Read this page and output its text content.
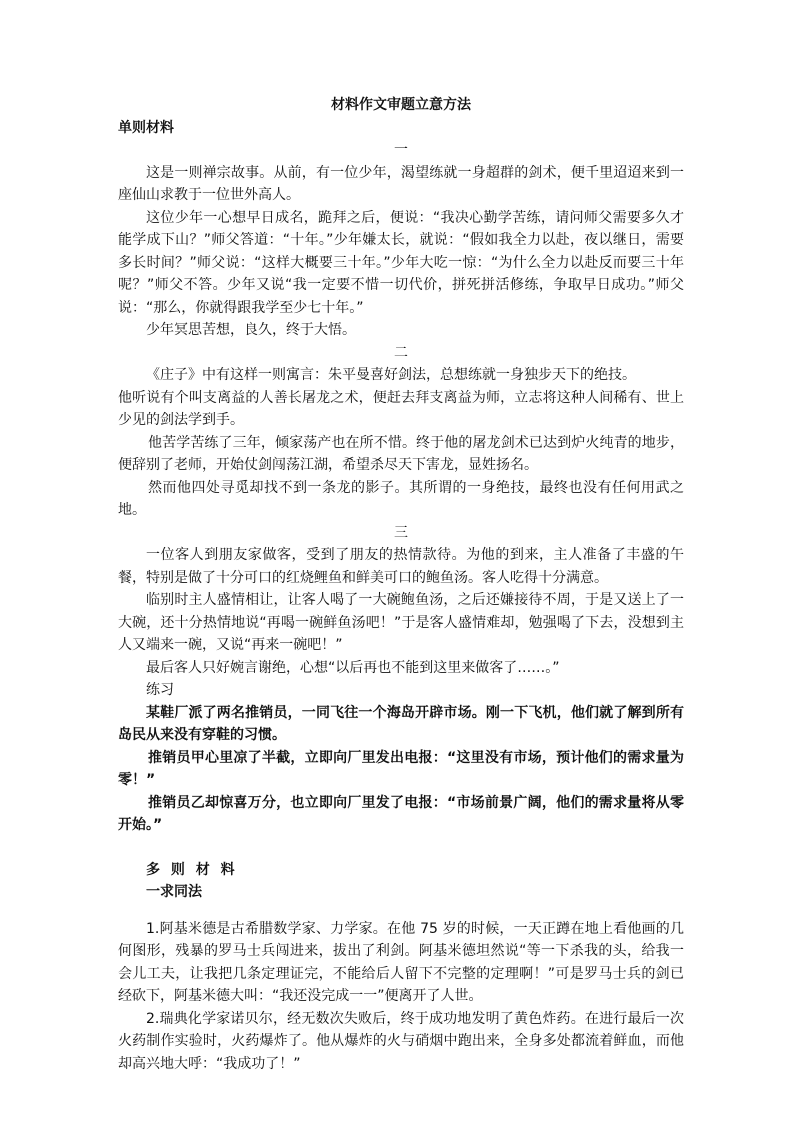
材料作文审题立意方法

单则材料

一

这是一则禅宗故事。从前，有一位少年，渴望练就一身超群的剑术，便千里迢迢来到一座仙山求教于一位世外高人。

这位少年一心想早日成名，跪拜之后，便说：“我决心勤学苦练，请问师父需要多久才能学成下山？”师父答道：“十年。”少年嫌太长，就说：“假如我全力以赴，夜以继日，需要多长时间？”师父说：“这样大概要三十年。”少年大吃一惊：“为什么全力以赴反而要三十年呢？”师父不答。少年又说“我一定要不惜一切代价，拼死拼活修练，争取早日成功。”师父说：“那么，你就得跟我学至少七十年。”

少年冥思苦想，良久，终于大悟。

二

《庄子》中有这样一则寓言：朱平曼喜好剑法，总想练就一身独步天下的绝技。

他听说有个叫支离益的人善长屠龙之术，便赶去拜支离益为师，立志将这种人间稀有、世上少见的剑法学到手。

他苦学苦练了三年，倾家荡产也在所不惜。终于他的屠龙剑术已达到炉火纯青的地步，便辞别了老师，开始仗剑闯荡江湖，希望杀尽天下害龙，显姓扬名。

然而他四处寻觅却找不到一条龙的影子。其所谓的一身绝技，最终也没有任何用武之地。

三

一位客人到朋友家做客，受到了朋友的热情款待。为他的到来，主人准备了丰盛的午餐，特别是做了十分可口的红烧鲤鱼和鲜美可口的鲍鱼汤。客人吃得十分满意。

临别时主人盛情相让，让客人喝了一大碗鲍鱼汤，之后还嫌接待不周，于是又送上了一大碗，还十分热情地说“再喝一碗鲜鱼汤吧！”于是客人盛情难却，勉强喝了下去，没想到主人又端来一碗，又说“再来一碗吧！”

最后客人只好婉言谢绝，心想“以后再也不能到这里来做客了……。”

练习

某鞋厂派了两名推销员，一同飞往一个海岛开辟市场。刚一下飞机，他们就了解到所有岛民从来没有穿鞋的习惯。

推销员甲心里凉了半截，立即向厂里发出电报：“这里没有市场，预计他们的需求量为零！”

推销员乙却惊喜万分，也立即向厂里发了电报：“市场前景广阔，他们的需求量将从零开始。”

多 则 材 料

一求同法

1.阿基米德是古希腊数学家、力学家。在他 75 岁的时候，一天正蹲在地上看他画的几何图形，残暴的罗马士兵闯进来，拔出了利剑。阿基米德坦然说“等一下杀我的头，给我一会儿工夫，让我把几条定理证完，不能给后人留下不完整的定理啊！”可是罗马士兵的剑已经砍下，阿基米德大叫：“我还没完成一一”便离开了人世。

2.瑞典化学家诺贝尔，经无数次失败后，终于成功地发明了黄色炸药。在进行最后一次火药制作实验时，火药爆炸了。他从爆炸的火与硝烟中跑出来，全身多处都流着鲜血，而他却高兴地大呼：“我成功了！”
